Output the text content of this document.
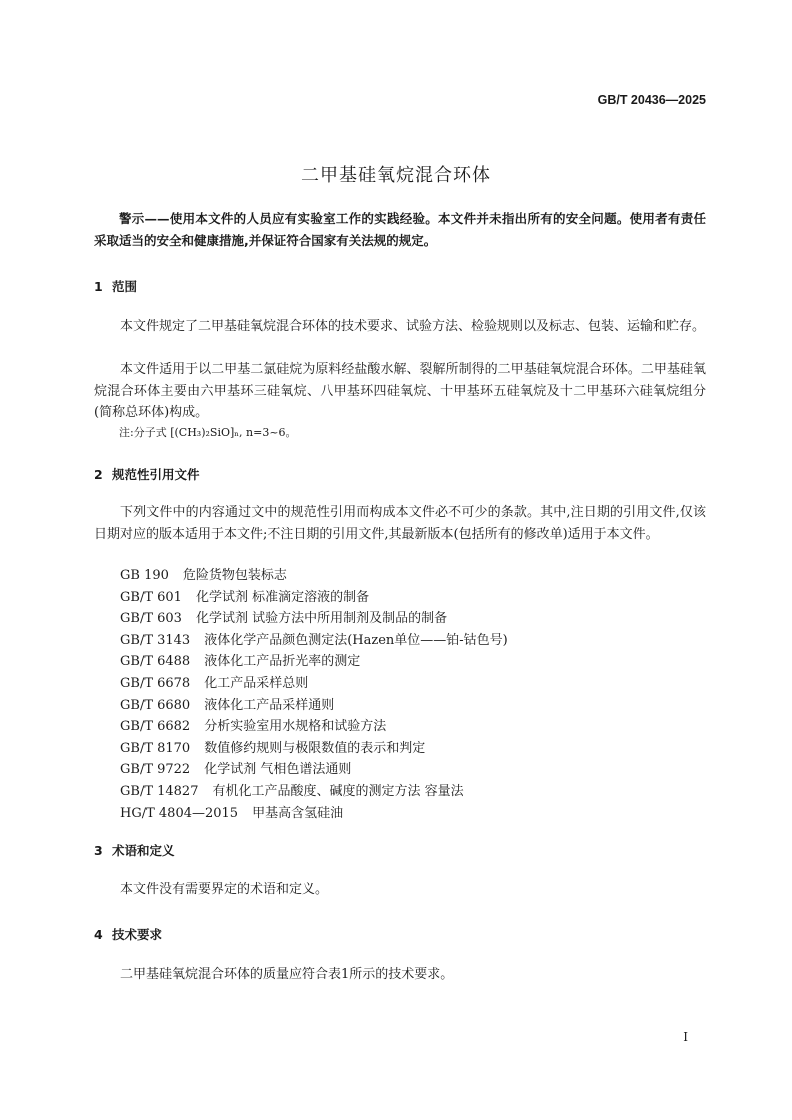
GB/T 20436—2025
二甲基硅氧烷混合环体

警示——使用本文件的人员应有实验室工作的实践经验。本文件并未指出所有的安全问题。使用者有责任采取适当的安全和健康措施,并保证符合国家有关法规的规定。

1 范围

本文件规定了二甲基硅氧烷混合环体的技术要求、试验方法、检验规则以及标志、包装、运输和贮存。

本文件适用于以二甲基二氯硅烷为原料经盐酸水解、裂解所制得的二甲基硅氧烷混合环体。二甲基硅氧烷混合环体主要由六甲基环三硅氧烷、八甲基环四硅氧烷、十甲基环五硅氧烷及十二甲基环六硅氧烷组分(简称总环体)构成。

注:分子式 [(CH₃)₂SiO]ₙ, n=3~6。
2 规范性引用文件

下列文件中的内容通过文中的规范性引用而构成本文件必不可少的条款。其中,注日期的引用文件,仅该日期对应的版本适用于本文件;不注日期的引用文件,其最新版本(包括所有的修改单)适用于本文件。

GB 190 危险货物包装标志
GB/T 601 化学试剂 标准滴定溶液的制备
GB/T 603 化学试剂 试验方法中所用制剂及制品的制备
GB/T 3143 液体化学产品颜色测定法(Hazen单位——铂-钴色号)
GB/T 6488 液体化工产品折光率的测定
GB/T 6678 化工产品采样总则
GB/T 6680 液体化工产品采样通则
GB/T 6682 分析实验室用水规格和试验方法
GB/T 8170 数值修约规则与极限数值的表示和判定
GB/T 9722 化学试剂 气相色谱法通则
GB/T 14827 有机化工产品酸度、碱度的测定方法 容量法
HG/T 4804—2015 甲基高含氢硅油
3 术语和定义

本文件没有需要界定的术语和定义。

4 技术要求

二甲基硅氧烷混合环体的质量应符合表1所示的技术要求。

I
